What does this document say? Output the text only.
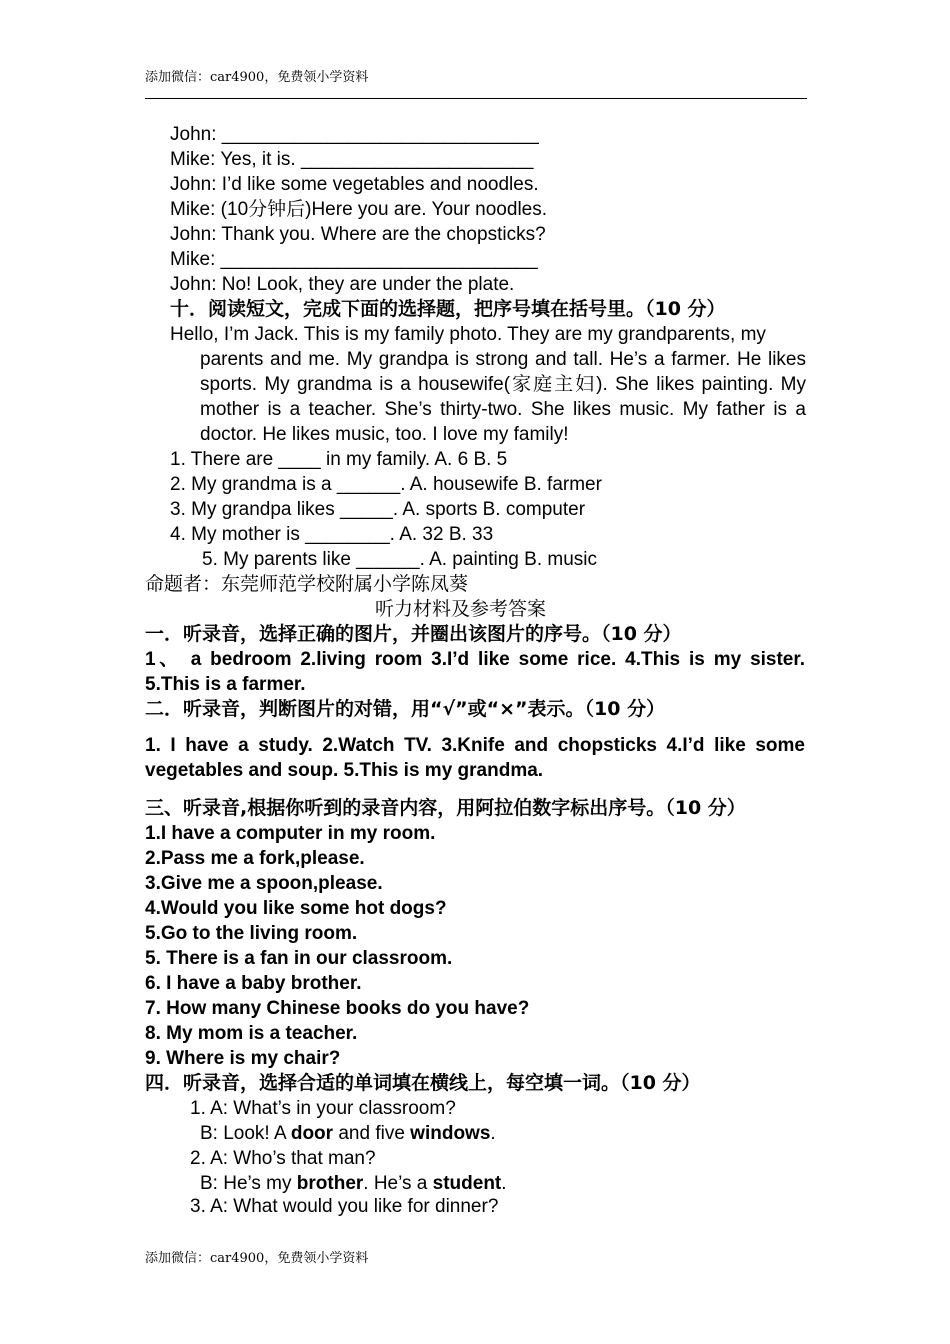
添加微信：car4900，免费领小学资料
John: ______________________________
Mike: Yes, it is. ______________________
John: I’d like some vegetables and noodles.
Mike: (10分钟后)Here you are. Your noodles.
John: Thank you. Where are the chopsticks?
Mike: ______________________________
John: No! Look, they are under the plate.
十．阅读短文，完成下面的选择题，把序号填在括号里。（10 分）
Hello, I’m Jack. This is my family photo. They are my grandparents, my
parents and me. My grandpa is strong and tall. He’s a farmer. He likes sports. My grandma is a housewife(家庭主妇). She likes painting. My mother is a teacher. She’s thirty-two. She likes music. My father is a doctor. He likes music, too. I love my family!
1. There are ____ in my family. A. 6 B. 5
2. My grandma is a ______. A. housewife B. farmer
3. My grandpa likes _____. A. sports B. computer
4. My mother is ________. A. 32 B. 33
5. My parents like ______. A. painting B. music
命题者：东莞师范学校附属小学陈凤葵
听力材料及参考答案
一．听录音，选择正确的图片，并圈出该图片的序号。（10 分）
1、 a bedroom 2.living room 3.I’d like some rice. 4.This is my sister. 5.This is a farmer.
二．听录音，判断图片的对错，用“√”或“×”表示。（10 分）
1. I have a study. 2.Watch TV. 3.Knife and chopsticks 4.I’d like some vegetables and soup. 5.This is my grandma.
三、听录音,根据你听到的录音内容，用阿拉伯数字标出序号。（10 分）
1.I have a computer in my room.
2.Pass me a fork,please.
3.Give me a spoon,please.
4.Would you like some hot dogs?
5.Go to the living room.
5. There is a fan in our classroom.
6. I have a baby brother.
7. How many Chinese books do you have?
8. My mom is a teacher.
9. Where is my chair?
四．听录音，选择合适的单词填在横线上，每空填一词。（10 分）
1. A: What’s in your classroom?
B: Look! A door and five windows.
2. A: Who’s that man?
B: He’s my brother. He’s a student.
3. A: What would you like for dinner?
添加微信：car4900，免费领小学资料
